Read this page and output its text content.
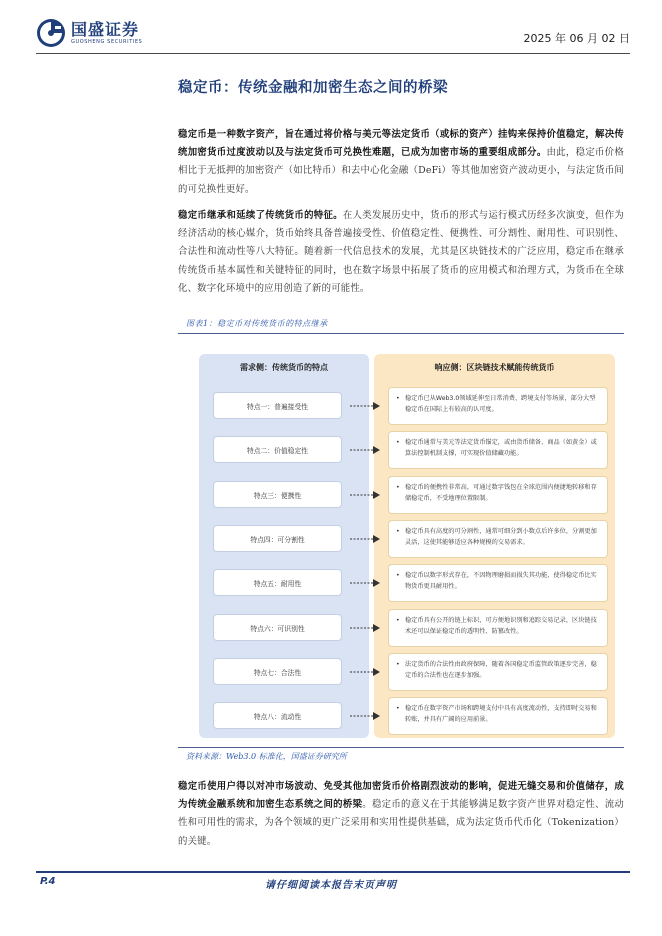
国盛证券
GUOSHENG SECURITIES	2025 年 06 月 02 日
稳定币：传统金融和加密生态之间的桥梁
稳定币是一种数字资产，旨在通过将价格与美元等法定货币（或标的资产）挂钩来保持价值稳定，解决传统加密货币过度波动以及与法定货币可兑换性难题，已成为加密市场的重要组成部分。由此，稳定币价格相比于无抵押的加密资产（如比特币）和去中心化金融（DeFi）等其他加密资产波动更小，与法定货币间的可兑换性更好。
稳定币继承和延续了传统货币的特征。在人类发展历史中，货币的形式与运行模式历经多次演变，但作为经济活动的核心媒介，货币始终具备普遍接受性、价值稳定性、便携性、可分割性、耐用性、可识别性、合法性和流动性等八大特征。随着新一代信息技术的发展，尤其是区块链技术的广泛应用，稳定币在继承传统货币基本属性和关键特征的同时，也在数字场景中拓展了货币的应用模式和治理方式，为货币在全球化、数字化环境中的应用创造了新的可能性。
图表1：稳定币对传统货币的特点继承
需求侧：传统货币的特点	响应侧：区块链技术赋能传统货币
特点一：普遍接受性
特点二：价值稳定性
特点三：便携性
特点四：可分割性
特点五：耐用性
特点六：可识别性
特点七：合法性
特点八：流动性
• 稳定币已从Web3.0领域延伸至日常消费、跨境支付等场景，部分大型稳定币在国际上有较高的认可度。
• 稳定币通常与美元等法定货币锚定，或由货币储备、商品（如黄金）或算法控制机制支撑，可实现价值储藏功能。
• 稳定币的便携性非常高，可通过数字钱包在全球范围内便捷地转移和存储稳定币，不受地理位置限制。
• 稳定币具有高度的可分割性，通常可细分到小数点后许多位，分割更加灵活，这使其能够适应各种规模的交易需求。
• 稳定币以数字形式存在，不因物理磨损而损失其功能，使得稳定币比实物货币更具耐用性。
• 稳定币具有公开的链上标识，可方便地识别和追踪交易记录，区块链技术还可以保证稳定币的透明性、防篡改性。
• 法定货币的合法性由政府保障，随着各国稳定币监管政策逐步完善，稳定币的合法性也在逐步加强。
• 稳定币在数字资产市场和跨境支付中具有高度流动性，支持即时交易和转账，并具有广阔的应用前景。
资料来源：Web3.0 标准化，国盛证券研究所
稳定币使用户得以对冲市场波动、免受其他加密货币价格剧烈波动的影响，促进无缝交易和价值储存，成为传统金融系统和加密生态系统之间的桥梁。稳定币的意义在于其能够满足数字资产世界对稳定性、流动性和可用性的需求，为各个领域的更广泛采用和实用性提供基础，成为法定货币代币化（Tokenization）的关键。
请仔细阅读本报告末页声明
P.4
